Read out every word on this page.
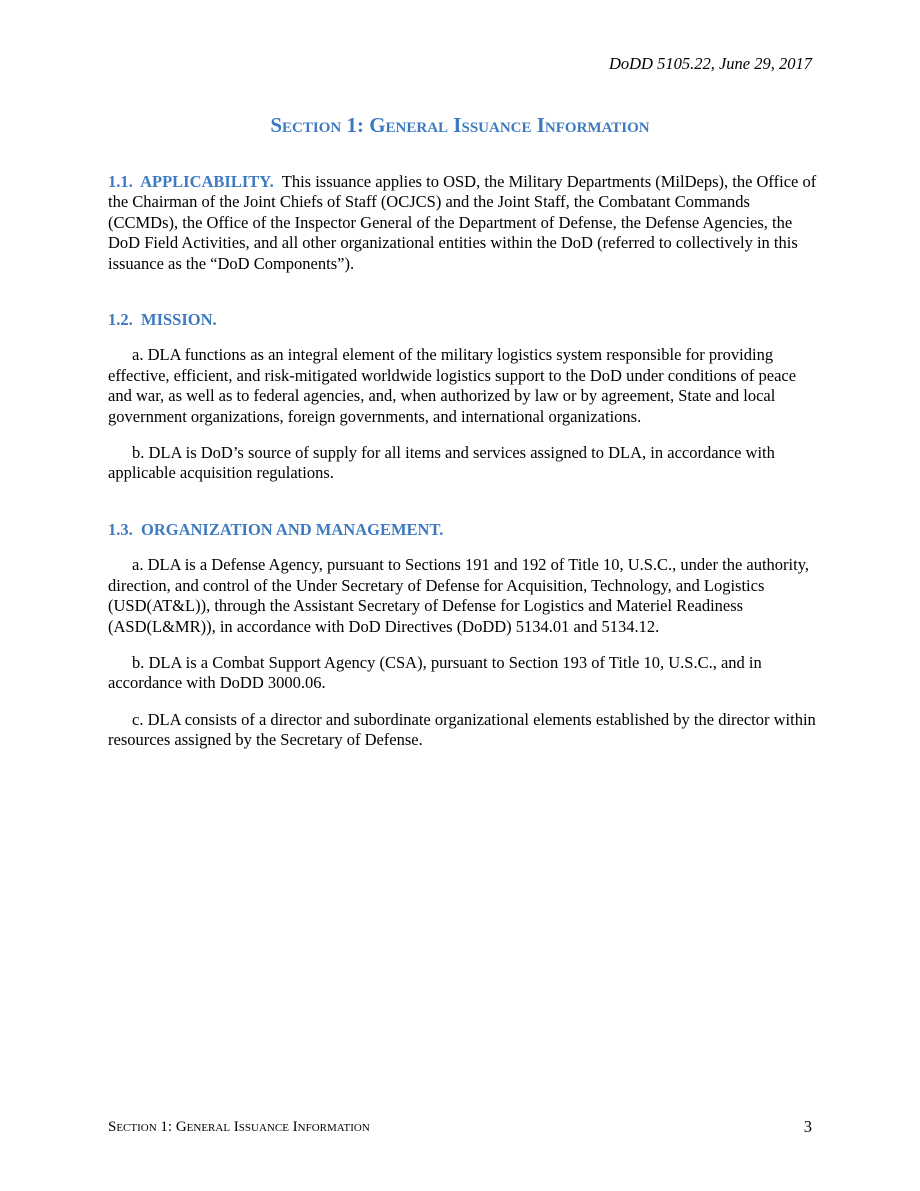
DoDD 5105.22, June 29, 2017
Section 1: General Issuance Information

1.1. APPLICABILITY. This issuance applies to OSD, the Military Departments (MilDeps), the Office of the Chairman of the Joint Chiefs of Staff (OCJCS) and the Joint Staff, the Combatant Commands (CCMDs), the Office of the Inspector General of the Department of Defense, the Defense Agencies, the DoD Field Activities, and all other organizational entities within the DoD (referred to collectively in this issuance as the “DoD Components”).

1.2. MISSION.

a. DLA functions as an integral element of the military logistics system responsible for providing effective, efficient, and risk-mitigated worldwide logistics support to the DoD under conditions of peace and war, as well as to federal agencies, and, when authorized by law or by agreement, State and local government organizations, foreign governments, and international organizations.

b. DLA is DoD’s source of supply for all items and services assigned to DLA, in accordance with applicable acquisition regulations.

1.3. ORGANIZATION AND MANAGEMENT.

a. DLA is a Defense Agency, pursuant to Sections 191 and 192 of Title 10, U.S.C., under the authority, direction, and control of the Under Secretary of Defense for Acquisition, Technology, and Logistics (USD(AT&L)), through the Assistant Secretary of Defense for Logistics and Materiel Readiness (ASD(L&MR)), in accordance with DoD Directives (DoDD) 5134.01 and 5134.12.

b. DLA is a Combat Support Agency (CSA), pursuant to Section 193 of Title 10, U.S.C., and in accordance with DoDD 3000.06.

c. DLA consists of a director and subordinate organizational elements established by the director within resources assigned by the Secretary of Defense.

Section 1: General Issuance Information	3
